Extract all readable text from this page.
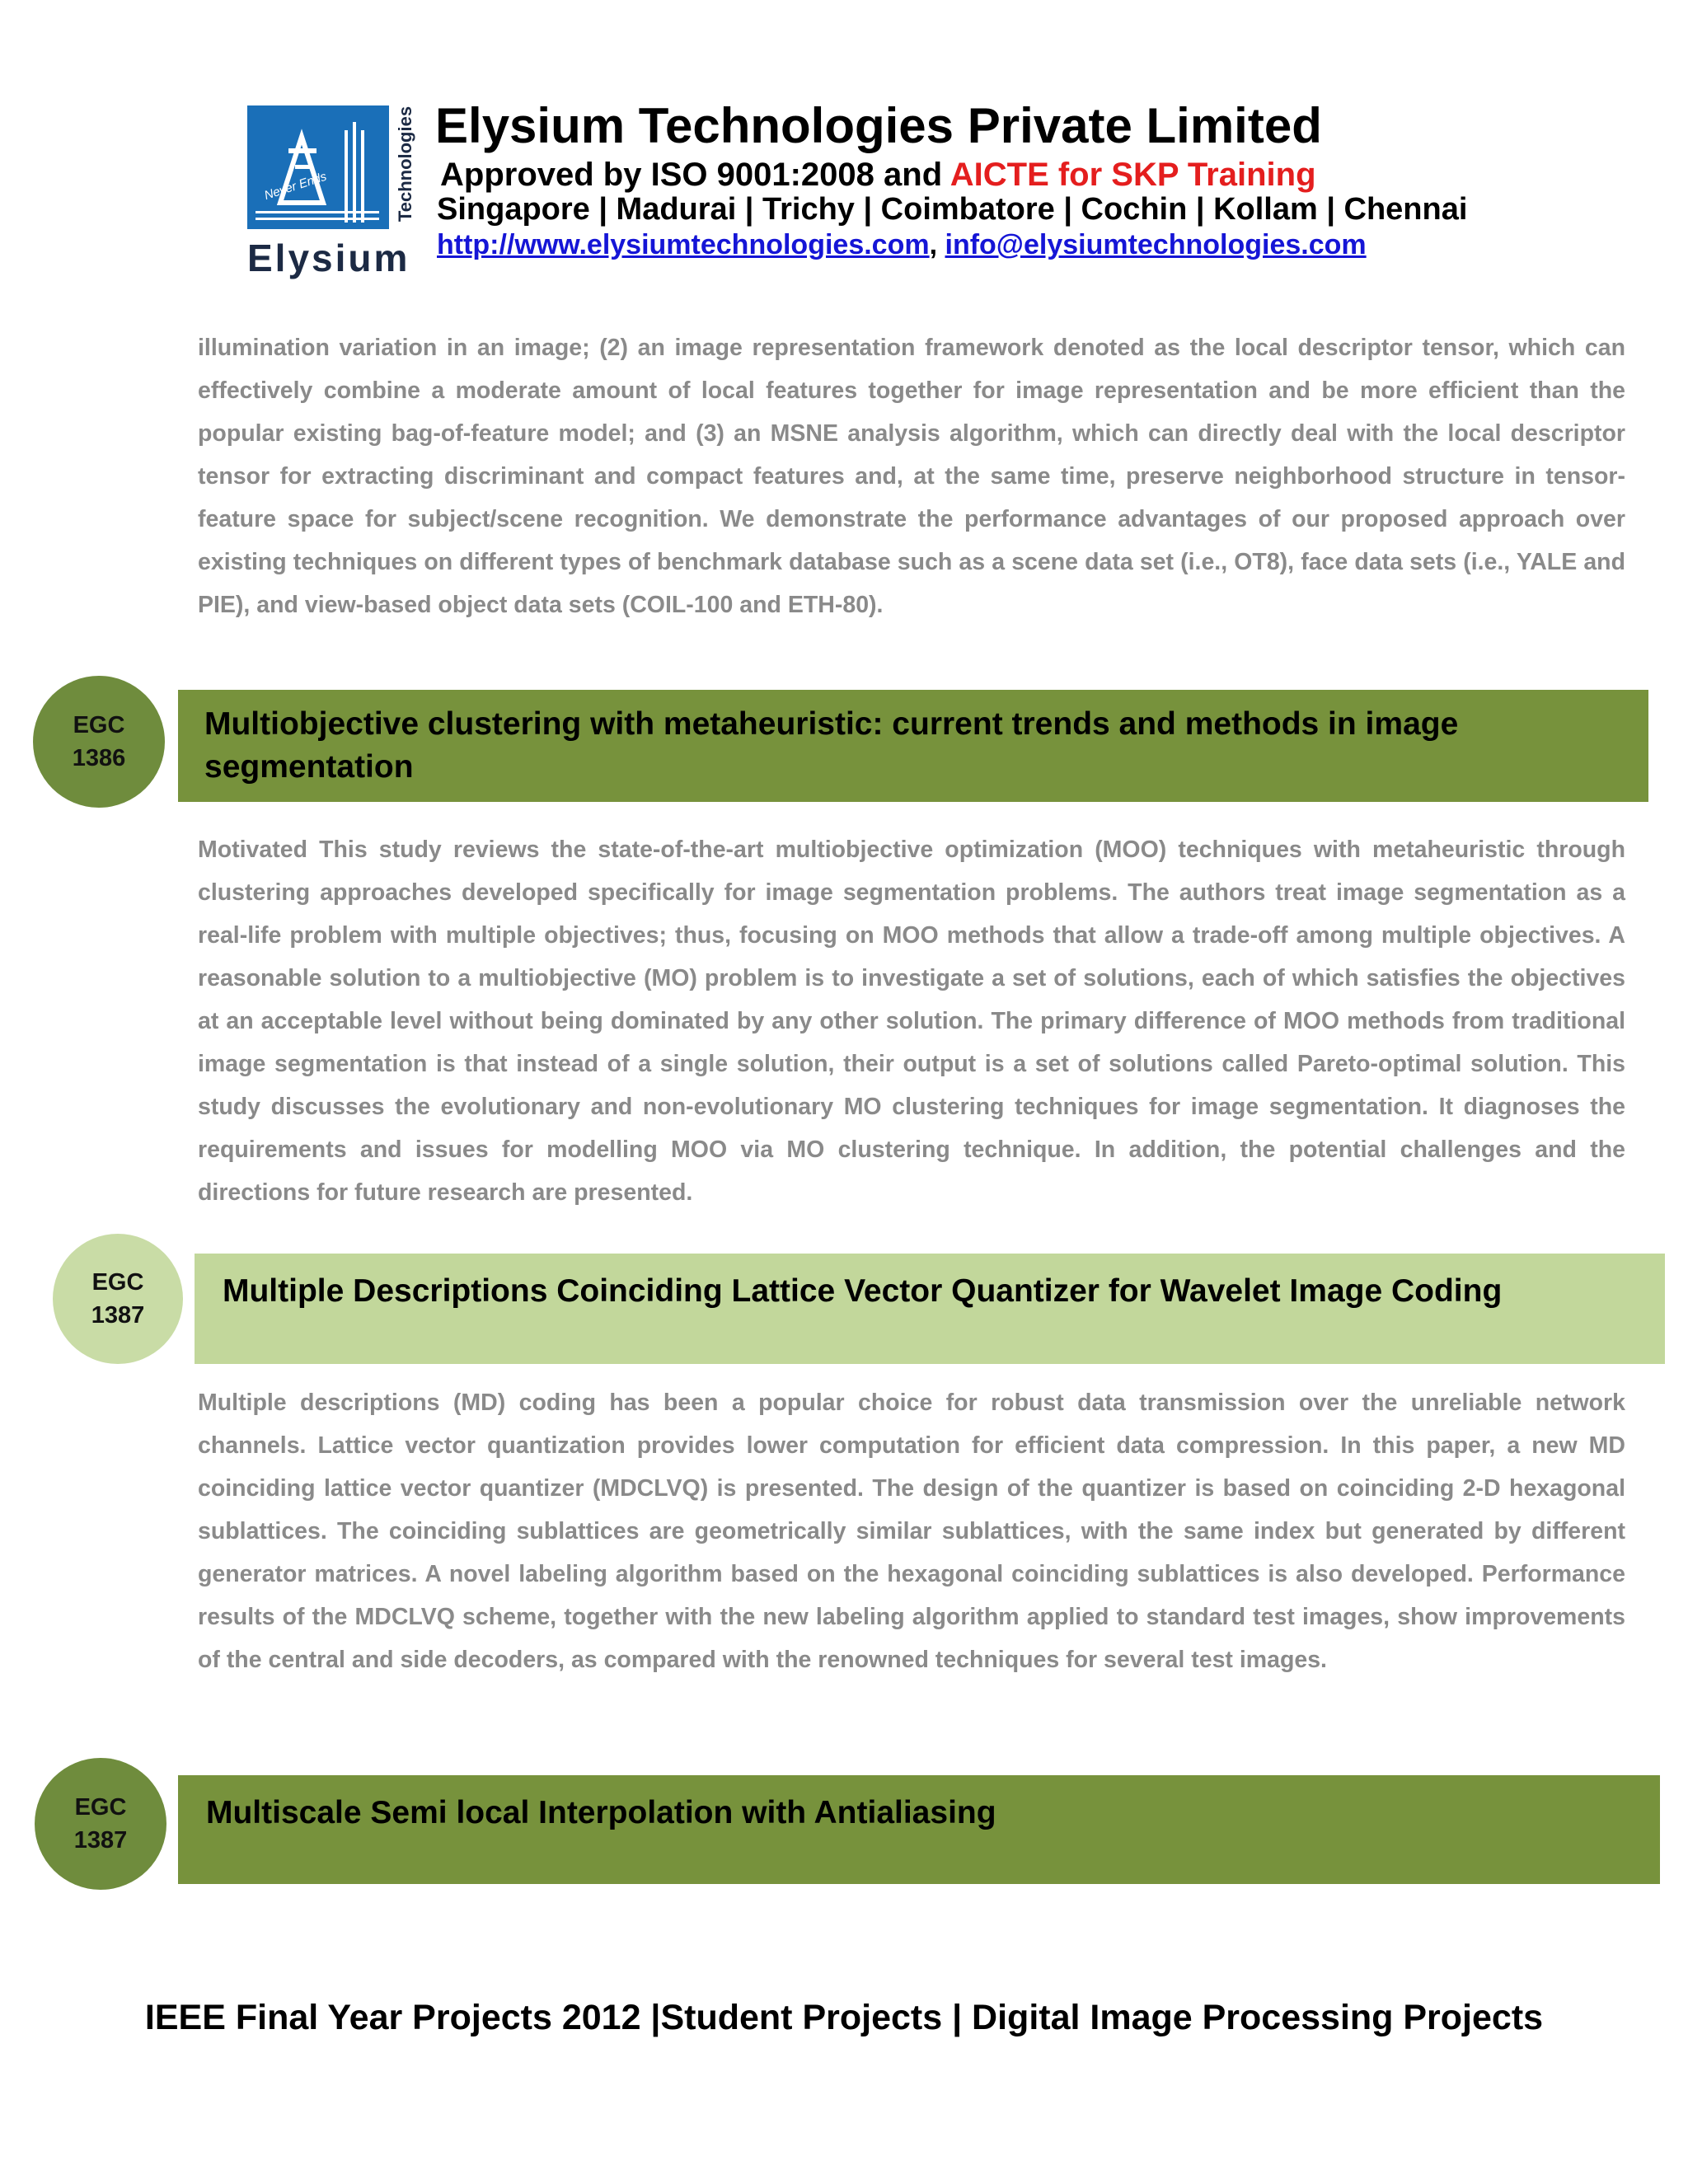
Never Ends	Technologies
Elysium
Elysium Technologies Private Limited
Approved by ISO 9001:2008 and AICTE for SKP Training
Singapore | Madurai | Trichy | Coimbatore | Cochin | Kollam | Chennai
http://www.elysiumtechnologies.com, info@elysiumtechnologies.com
illumination variation in an image; (2) an image representation framework denoted as the local descriptor tensor, which can effectively combine a moderate amount of local features together for image representation and be more efficient than the popular existing bag-of-feature model; and (3) an MSNE analysis algorithm, which can directly deal with the local descriptor tensor for extracting discriminant and compact features and, at the same time, preserve neighborhood structure in tensor-feature space for subject/scene recognition. We demonstrate the performance advantages of our proposed approach over existing techniques on different types of benchmark database such as a scene data set (i.e., OT8), face data sets (i.e., YALE and PIE), and view-based object data sets (COIL-100 and ETH-80).
EGC
1386
Multiobjective clustering with metaheuristic: current trends and methods in image segmentation
Motivated This study reviews the state-of-the-art multiobjective optimization (MOO) techniques with metaheuristic through clustering approaches developed specifically for image segmentation problems. The authors treat image segmentation as a real-life problem with multiple objectives; thus, focusing on MOO methods that allow a trade-off among multiple objectives. A reasonable solution to a multiobjective (MO) problem is to investigate a set of solutions, each of which satisfies the objectives at an acceptable level without being dominated by any other solution. The primary difference of MOO methods from traditional image segmentation is that instead of a single solution, their output is a set of solutions called Pareto-optimal solution. This study discusses the evolutionary and non-evolutionary MO clustering techniques for image segmentation. It diagnoses the requirements and issues for modelling MOO via MO clustering technique. In addition, the potential challenges and the directions for future research are presented.
EGC
1387
Multiple Descriptions Coinciding Lattice Vector Quantizer for Wavelet Image Coding
Multiple descriptions (MD) coding has been a popular choice for robust data transmission over the unreliable network channels. Lattice vector quantization provides lower computation for efficient data compression. In this paper, a new MD coinciding lattice vector quantizer (MDCLVQ) is presented. The design of the quantizer is based on coinciding 2-D hexagonal sublattices. The coinciding sublattices are geometrically similar sublattices, with the same index but generated by different generator matrices. A novel labeling algorithm based on the hexagonal coinciding sublattices is also developed. Performance results of the MDCLVQ scheme, together with the new labeling algorithm applied to standard test images, show improvements of the central and side decoders, as compared with the renowned techniques for several test images.
EGC
1387
Multiscale Semi local Interpolation with Antialiasing
IEEE Final Year Projects 2012 |Student Projects | Digital Image Processing Projects
